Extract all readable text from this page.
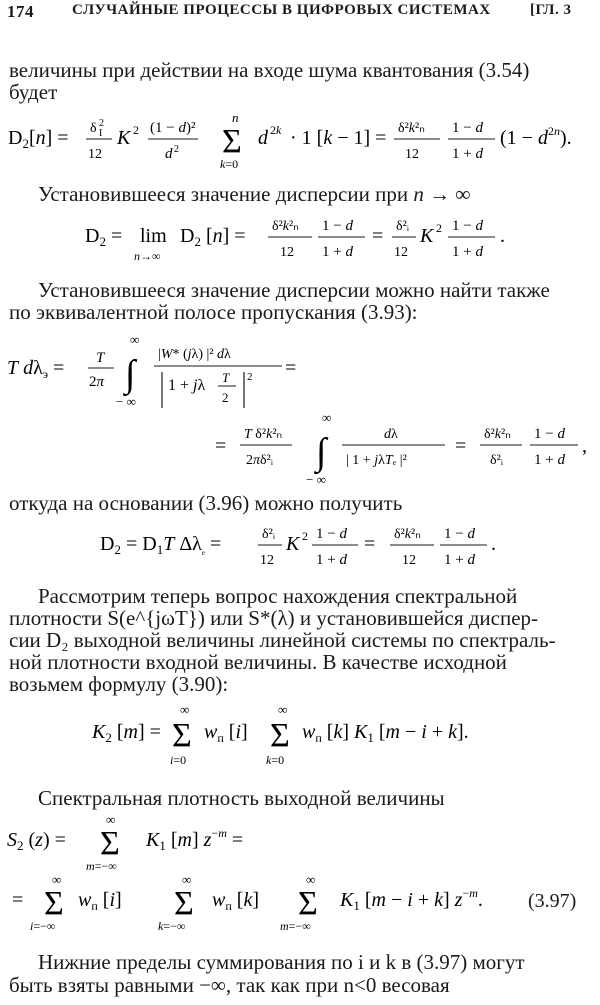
174	СЛУЧАЙНЫЕ ПРОЦЕССЫ В ЦИФРОВЫХ СИСТЕМАХ	[ГЛ. 3
величины при действии на входе шума квантования (3.54)
будет
$D_2[n] = \delta$ 2
I
12
K 2 (1 − d)²
d 2
n
Σ
k=0
d 2k · 1 [k − 1] = δ²k²ₙ
12
1 − d
1 + d
$(1 - d^{2n})$.
Установившееся значение дисперсии при n → ∞
$D_2 = \lim$
n→∞
$D_2$ [n] = δ²k²ₙ
12
1 − d
1 + d
= δ²ᵢ
12
K 2 1 − d
1 + d
.
Установившееся значение дисперсии можно найти также
по эквивалентной полосе пропускания (3.93):
T $d\lambda_э = T$
2π
∞
∫
− ∞
|W* (jλ) |² dλ
1 + jλ T
2
2 =
=
T δ²k²ₙ
2πδ²ᵢ
∞
∫
− ∞
dλ
| 1 + jλTₑ |²
=
δ²k²ₙ
δ²ᵢ
1 − d
1 + d
,
откуда на основании (3.96) можно получить
$D_2 = D_1T$ $\Delta\lambda_{_e}$ =	δ²ᵢ
12
K 2 1 − d
1 + d
= δ²k²ₙ
12
1 − d
1 + d
.
Рассмотрим теперь вопрос нахождения спектральной
плотности S(e^{jωT}) или S*(λ) и установившейся диспер-
сии D₂ выходной величины линейной системы по спектраль-
ной плотности входной величины. В качестве исходной
возьмем формулу (3.90):
$K_2$ [m] =
∞
Σ
i=0
$w_п$ [i]
∞
Σ
k=0
$w_п$ [k] $K_1$ [m − i + k].
Спектральная плотность выходной величины
$S_2$ (z) =
∞
Σ
m=−∞
$K_1$ [m] $z^{-m}$ =
=
∞
Σ
i=−∞
$w_п$ [i]
∞
Σ
k=−∞
$w_п$ [k]
∞
Σ
m=−∞
$K_1$ [m − i + k] $z^{-m}$. (3.97)
Нижние пределы суммирования по i и k в (3.97) могут
быть взяты равными −∞, так как при n<0 весовая
